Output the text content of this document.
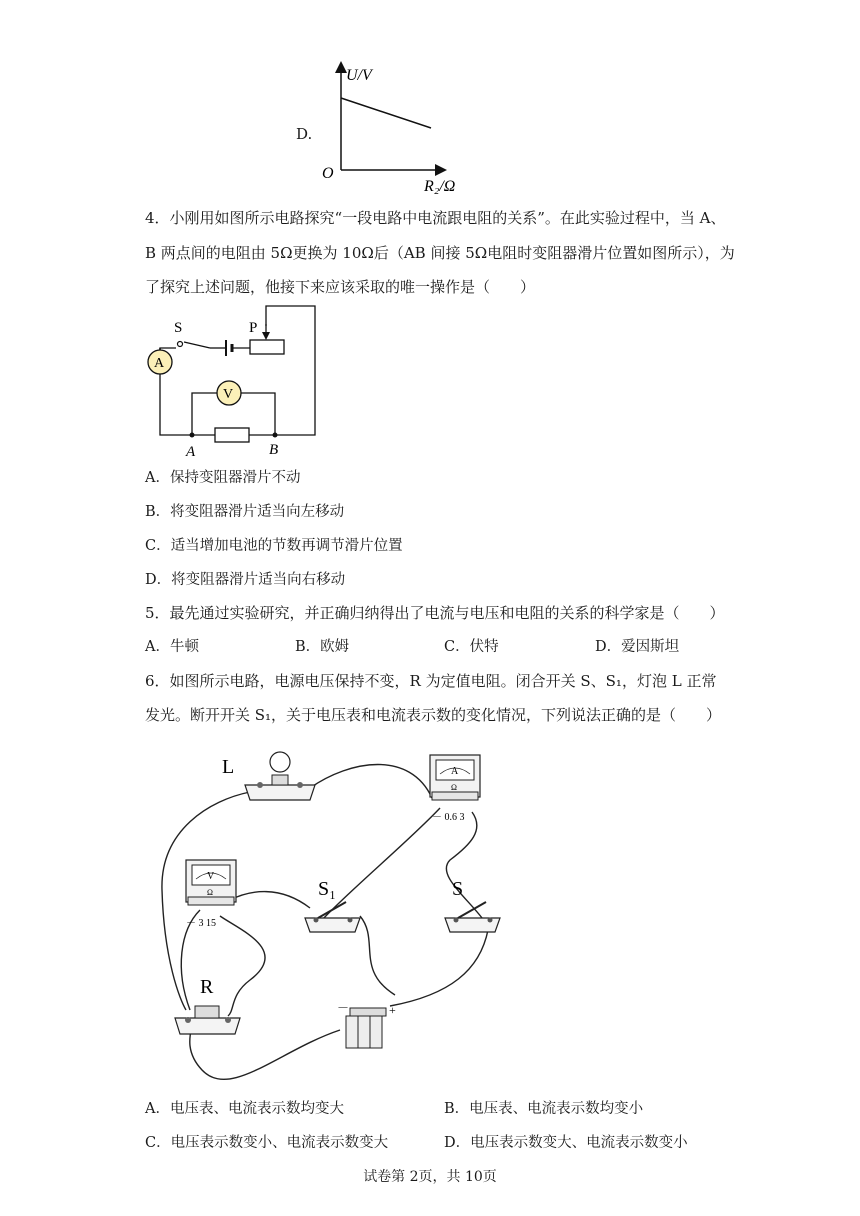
D.
U/V
O
R₂/Ω
4．小刚用如图所示电路探究“一段电路中电流跟电阻的关系”。在此实验过程中，当 A、
B 两点间的电阻由 5Ω更换为 10Ω后（AB 间接 5Ω电阻时变阻器滑片位置如图所示），为
了探究上述问题，他接下来应该采取的唯一操作是（　　）
A
V
S	P
A	B
A．保持变阻器滑片不动
B．将变阻器滑片适当向左移动
C．适当增加电池的节数再调节滑片位置
D．将变阻器滑片适当向右移动
5．最先通过实验研究，并正确归纳得出了电流与电压和电阻的关系的科学家是（　　）
A．牛顿	B．欧姆	C．伏特	D．爱因斯坦
6．如图所示电路，电源电压保持不变，R 为定值电阻。闭合开关 S、S₁，灯泡 L 正常
发光。断开开关 S₁，关于电压表和电流表示数的变化情况，下列说法正确的是（　　）
L	A
Ω
－ 0.6 3
V
Ω
－ 3 15
S₁	S
R
－	+
A．电压表、电流表示数均变大	B．电压表、电流表示数均变小
C．电压表示数变小、电流表示数变大	D．电压表示数变大、电流表示数变小
试卷第 2页，共 10页
